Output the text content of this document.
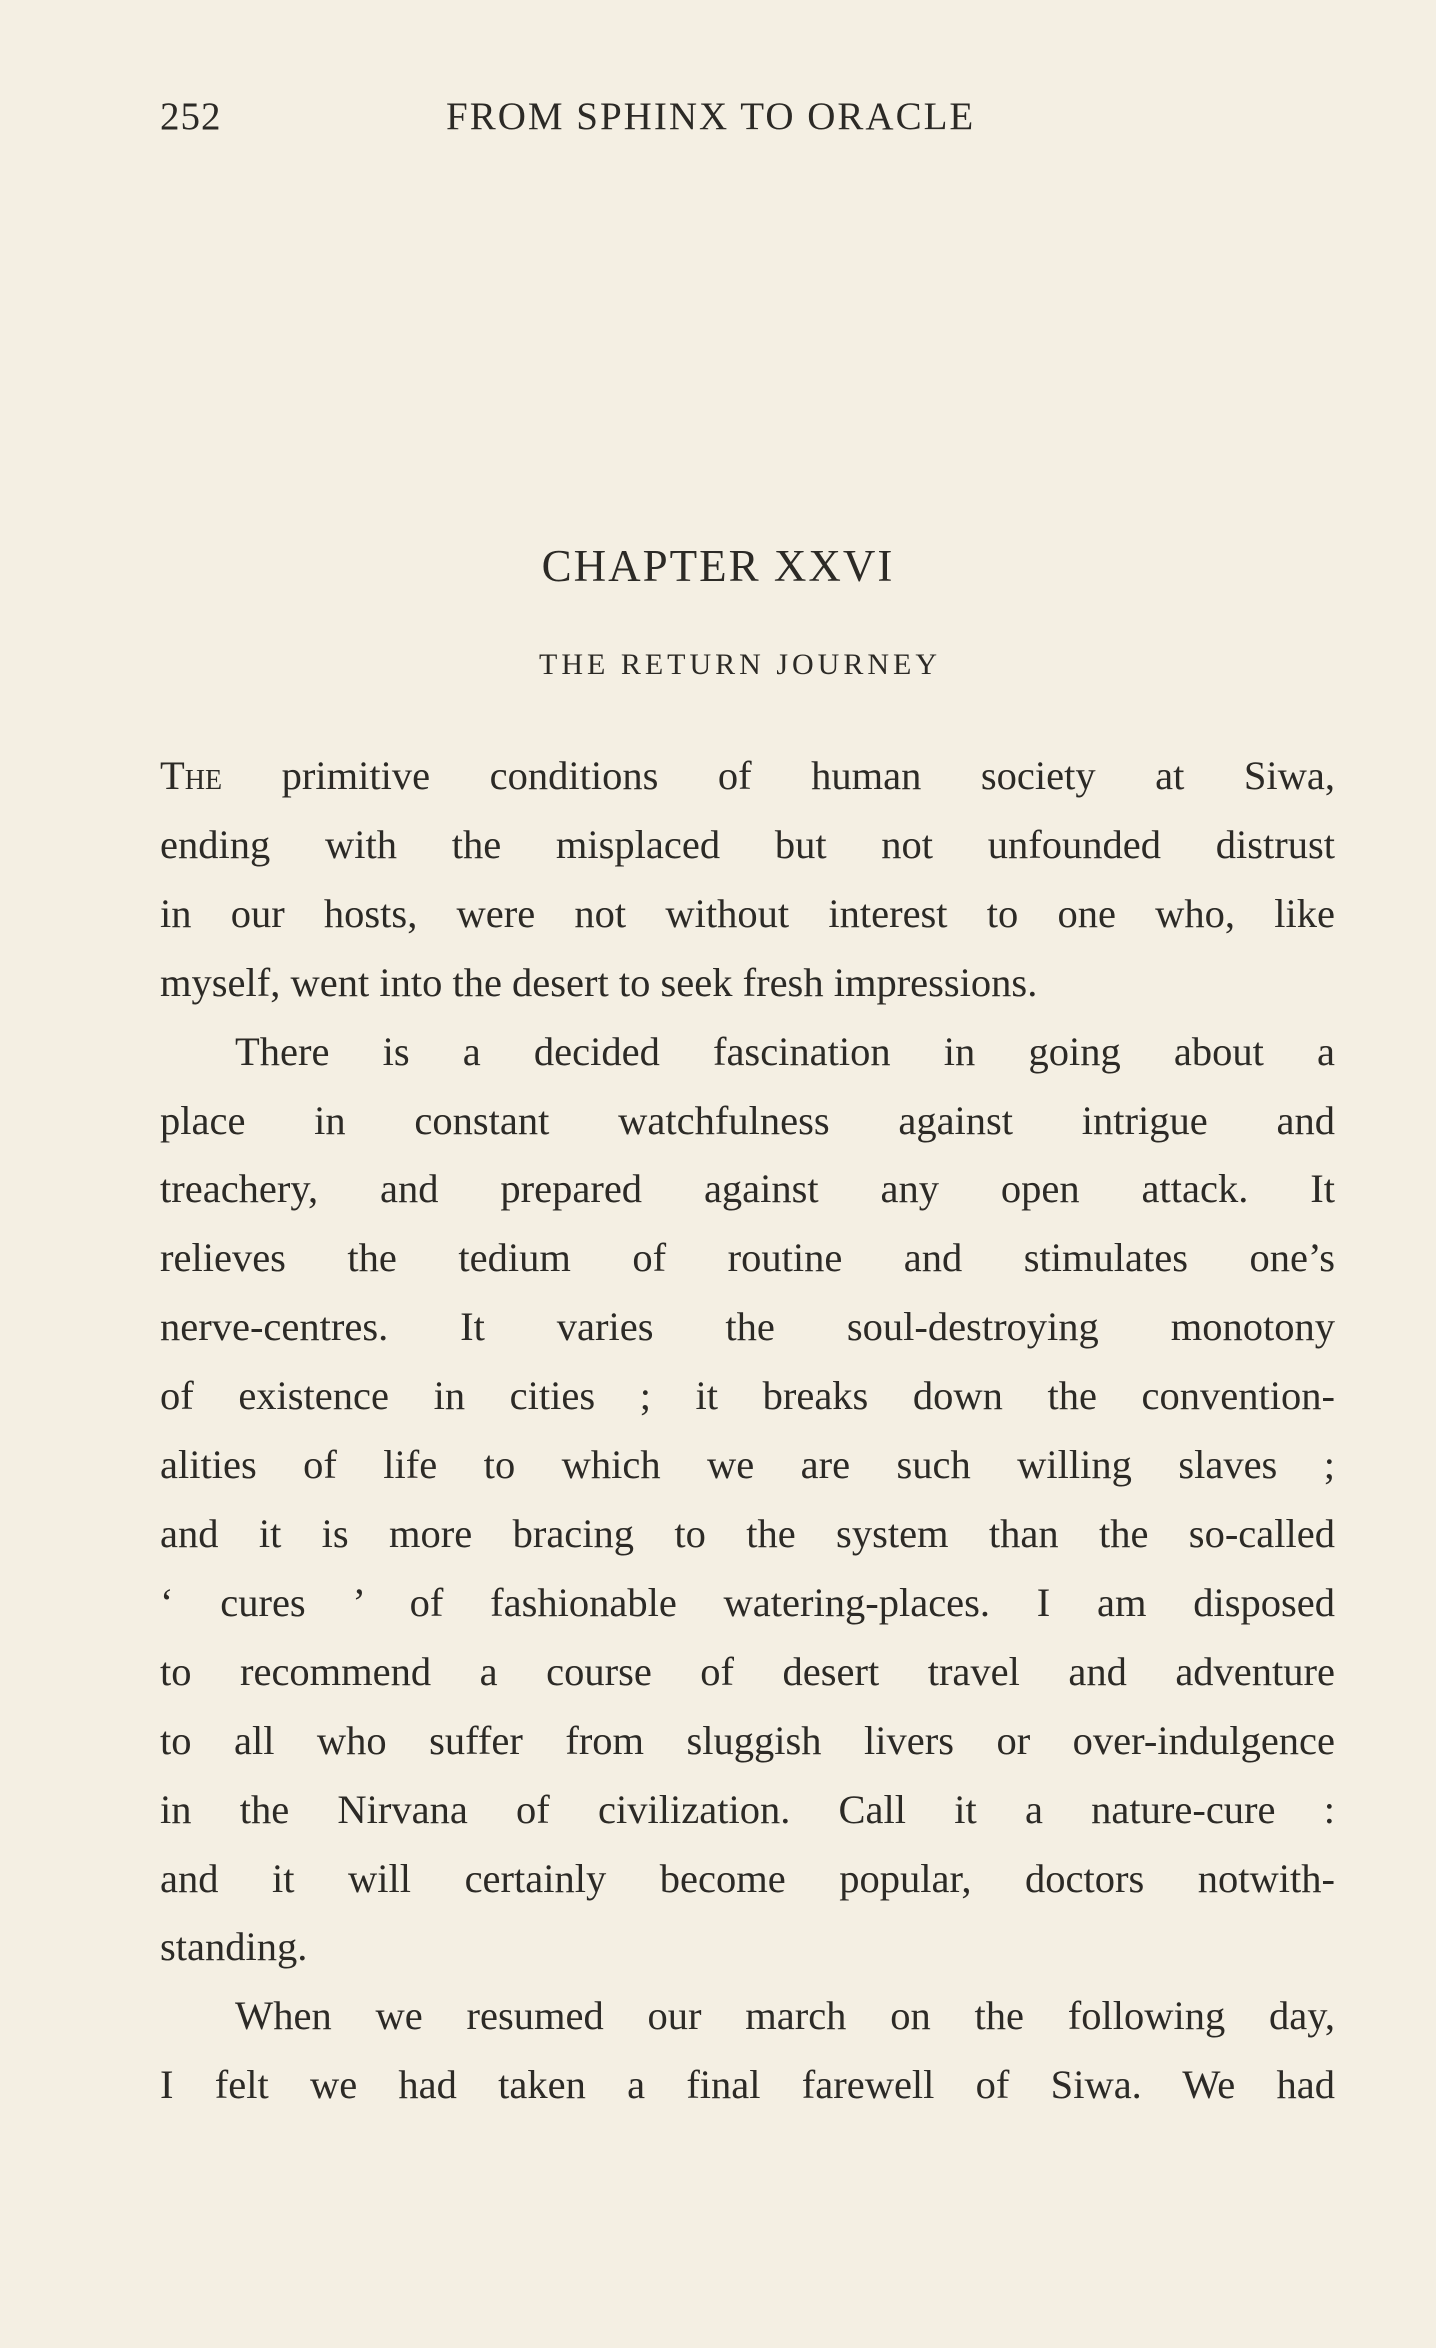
252	FROM SPHINX TO ORACLE
CHAPTER XXVI
THE RETURN JOURNEY

The primitive conditions of human society at Siwa,

ending with the misplaced but not unfounded distrust

in our hosts, were not without interest to one who, like

myself, went into the desert to seek fresh impressions.

There is a decided fascination in going about a

place in constant watchfulness against intrigue and

treachery, and prepared against any open attack. It

relieves the tedium of routine and stimulates one’s

nerve-centres. It varies the soul-destroying monotony

of existence in cities ; it breaks down the convention-

alities of life to which we are such willing slaves ;

and it is more bracing to the system than the so-called

‘ cures ’ of fashionable watering-places. I am disposed

to recommend a course of desert travel and adventure

to all who suffer from sluggish livers or over-indulgence

in the Nirvana of civilization. Call it a nature-cure :

and it will certainly become popular, doctors notwith-

standing.

When we resumed our march on the following day,

I felt we had taken a final farewell of Siwa. We had
